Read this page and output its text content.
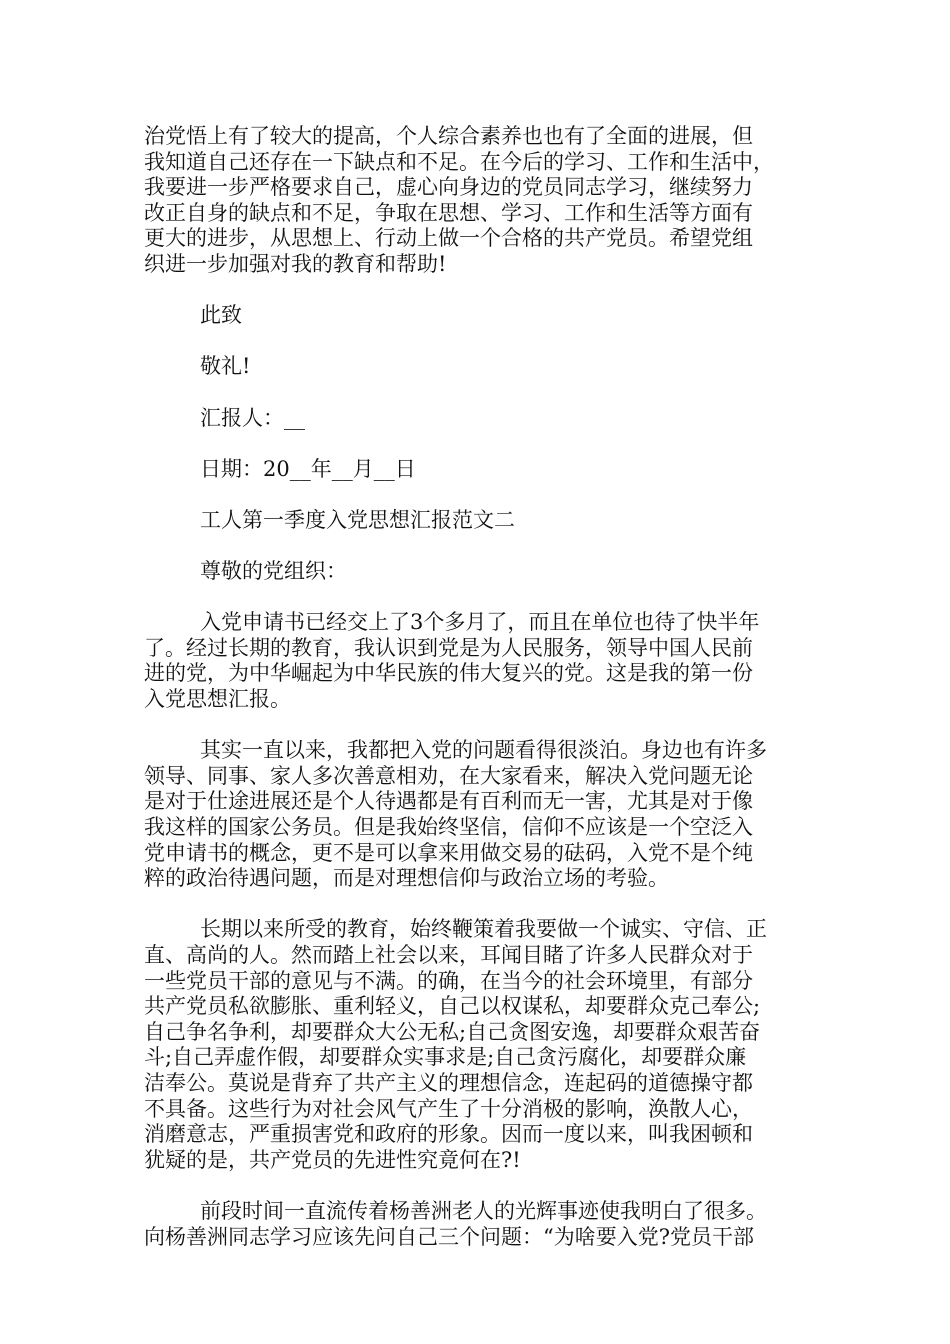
治党悟上有了较大的提高，个人综合素养也也有了全面的进展，但
我知道自己还存在一下缺点和不足。在今后的学习、工作和生活中，
我要进一步严格要求自己，虚心向身边的党员同志学习，继续努力
改正自身的缺点和不足，争取在思想、学习、工作和生活等方面有
更大的进步，从思想上、行动上做一个合格的共产党员。希望党组
织进一步加强对我的教育和帮助!
此致
敬礼!
汇报人：__
日期：20__年__月__日
工人第一季度入党思想汇报范文二
尊敬的党组织：
入党申请书已经交上了3个多月了，而且在单位也待了快半年
了。经过长期的教育，我认识到党是为人民服务，领导中国人民前
进的党，为中华崛起为中华民族的伟大复兴的党。这是我的第一份
入党思想汇报。
其实一直以来，我都把入党的问题看得很淡泊。身边也有许多
领导、同事、家人多次善意相劝，在大家看来，解决入党问题无论
是对于仕途进展还是个人待遇都是有百利而无一害，尤其是对于像
我这样的国家公务员。但是我始终坚信，信仰不应该是一个空泛入
党申请书的概念，更不是可以拿来用做交易的砝码，入党不是个纯
粹的政治待遇问题，而是对理想信仰与政治立场的考验。
长期以来所受的教育，始终鞭策着我要做一个诚实、守信、正
直、高尚的人。然而踏上社会以来，耳闻目睹了许多人民群众对于
一些党员干部的意见与不满。的确，在当今的社会环境里，有部分
共产党员私欲膨胀、重利轻义，自己以权谋私，却要群众克己奉公;
自己争名争利，却要群众大公无私;自己贪图安逸，却要群众艰苦奋
斗;自己弄虚作假，却要群众实事求是;自己贪污腐化，却要群众廉
洁奉公。莫说是背弃了共产主义的理想信念，连起码的道德操守都
不具备。这些行为对社会风气产生了十分消极的影响，涣散人心，
消磨意志，严重损害党和政府的形象。因而一度以来，叫我困顿和
犹疑的是，共产党员的先进性究竟何在?!
前段时间一直流传着杨善洲老人的光辉事迹使我明白了很多。
向杨善洲同志学习应该先问自己三个问题：“为啥要入党?党员干部
